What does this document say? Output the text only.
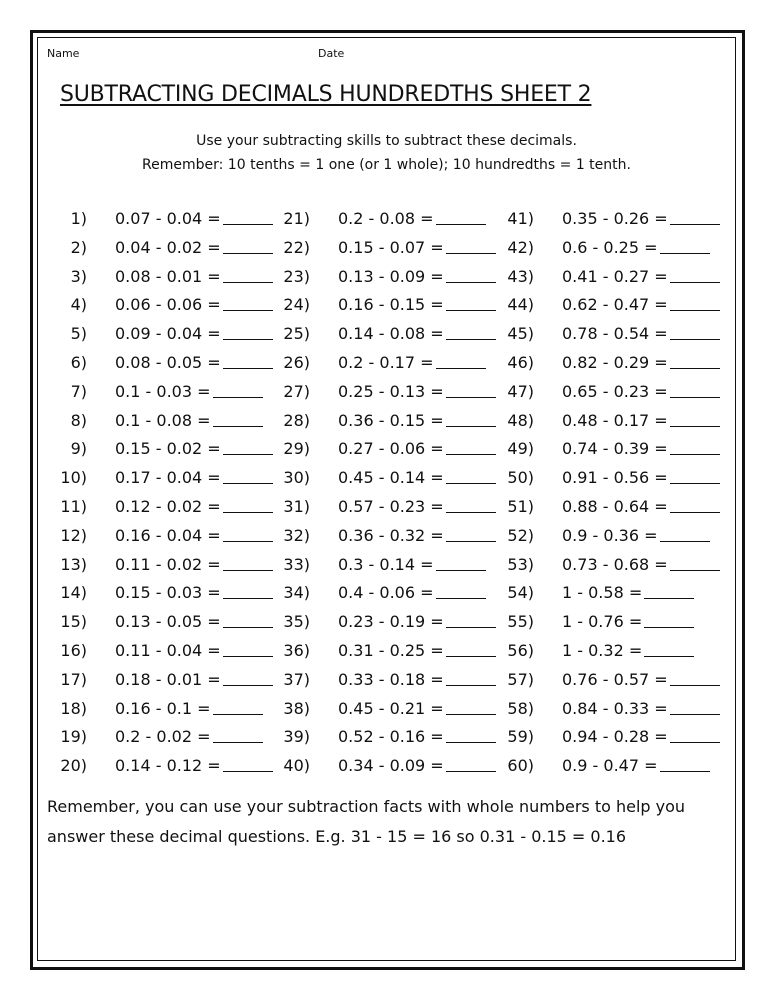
Name	Date
SUBTRACTING DECIMALS HUNDREDTHS SHEET 2
Use your subtracting skills to subtract these decimals.
Remember: 10 tenths = 1 one (or 1 whole); 10 hundredths = 1 tenth.
1) 0.07 - 0.04 =
2) 0.04 - 0.02 =
3) 0.08 - 0.01 =
4) 0.06 - 0.06 =
5) 0.09 - 0.04 =
6) 0.08 - 0.05 =
7) 0.1 - 0.03 =
8) 0.1 - 0.08 =
9) 0.15 - 0.02 =
10) 0.17 - 0.04 =
11) 0.12 - 0.02 =
12) 0.16 - 0.04 =
13) 0.11 - 0.02 =
14) 0.15 - 0.03 =
15) 0.13 - 0.05 =
16) 0.11 - 0.04 =
17) 0.18 - 0.01 =
18) 0.16 - 0.1 =
19) 0.2 - 0.02 =
20) 0.14 - 0.12 =
21) 0.2 - 0.08 =
22) 0.15 - 0.07 =
23) 0.13 - 0.09 =
24) 0.16 - 0.15 =
25) 0.14 - 0.08 =
26) 0.2 - 0.17 =
27) 0.25 - 0.13 =
28) 0.36 - 0.15 =
29) 0.27 - 0.06 =
30) 0.45 - 0.14 =
31) 0.57 - 0.23 =
32) 0.36 - 0.32 =
33) 0.3 - 0.14 =
34) 0.4 - 0.06 =
35) 0.23 - 0.19 =
36) 0.31 - 0.25 =
37) 0.33 - 0.18 =
38) 0.45 - 0.21 =
39) 0.52 - 0.16 =
40) 0.34 - 0.09 =
41) 0.35 - 0.26 =
42) 0.6 - 0.25 =
43) 0.41 - 0.27 =
44) 0.62 - 0.47 =
45) 0.78 - 0.54 =
46) 0.82 - 0.29 =
47) 0.65 - 0.23 =
48) 0.48 - 0.17 =
49) 0.74 - 0.39 =
50) 0.91 - 0.56 =
51) 0.88 - 0.64 =
52) 0.9 - 0.36 =
53) 0.73 - 0.68 =
54) 1 - 0.58 =
55) 1 - 0.76 =
56) 1 - 0.32 =
57) 0.76 - 0.57 =
58) 0.84 - 0.33 =
59) 0.94 - 0.28 =
60) 0.9 - 0.47 =
Remember, you can use your subtraction facts with whole numbers to help you
answer these decimal questions. E.g. 31 - 15 = 16 so 0.31 - 0.15 = 0.16
